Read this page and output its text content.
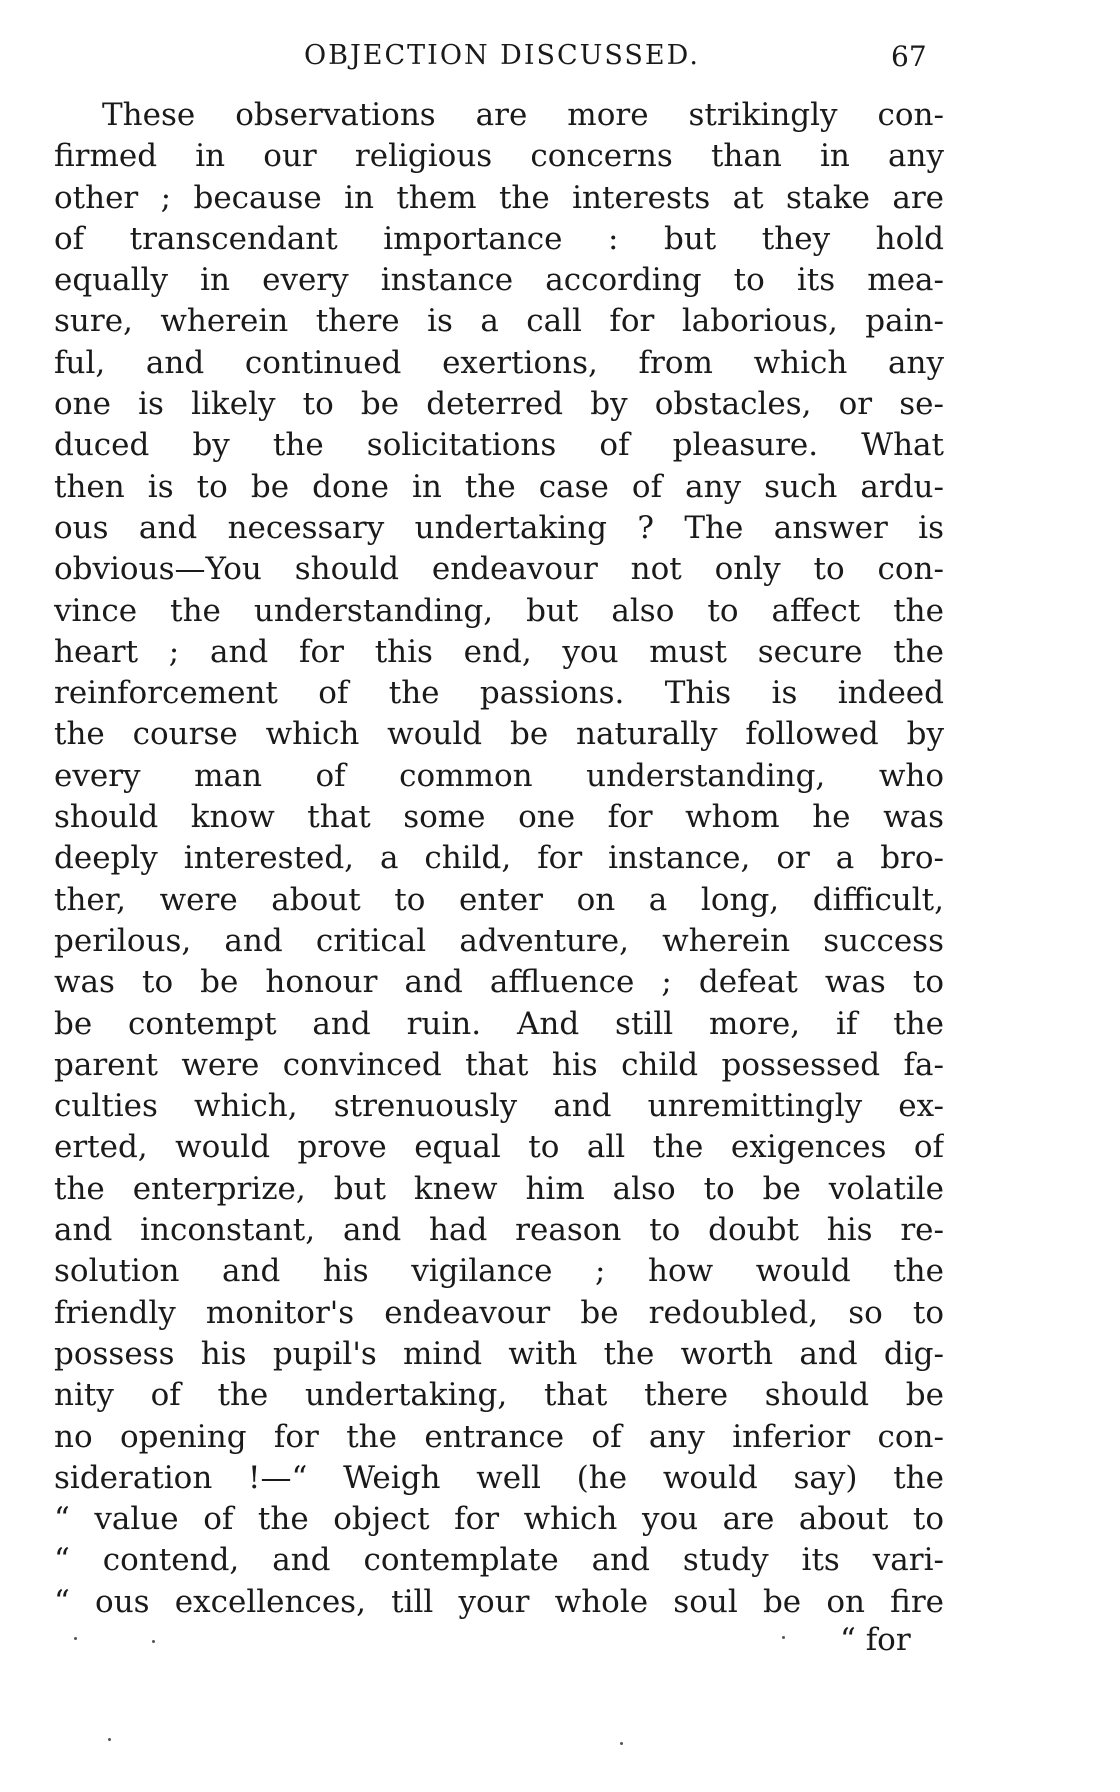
OBJECTION DISCUSSED.	67
These observations are more strikingly con-
firmed in our religious concerns than in any
other ; because in them the interests at stake are
of transcendant importance : but they hold
equally in every instance according to its mea-
sure, wherein there is a call for laborious, pain-
ful, and continued exertions, from which any
one is likely to be deterred by obstacles, or se-
duced by the solicitations of pleasure. What
then is to be done in the case of any such ardu-
ous and necessary undertaking ? The answer is
obvious—You should endeavour not only to con-
vince the understanding, but also to affect the
heart ; and for this end, you must secure the
reinforcement of the passions. This is indeed
the course which would be naturally followed by
every man of common understanding, who
should know that some one for whom he was
deeply interested, a child, for instance, or a bro-
ther, were about to enter on a long, difficult,
perilous, and critical adventure, wherein success
was to be honour and affluence ; defeat was to
be contempt and ruin. And still more, if the
parent were convinced that his child possessed fa-
culties which, strenuously and unremittingly ex-
erted, would prove equal to all the exigences of
the enterprize, but knew him also to be volatile
and inconstant, and had reason to doubt his re-
solution and his vigilance ; how would the
friendly monitor's endeavour be redoubled, so to
possess his pupil's mind with the worth and dig-
nity of the undertaking, that there should be
no opening for the entrance of any inferior con-
sideration !—“ Weigh well (he would say) the
“ value of the object for which you are about to
“ contend, and contemplate and study its vari-
“ ous excellences, till your whole soul be on fire
“ for
